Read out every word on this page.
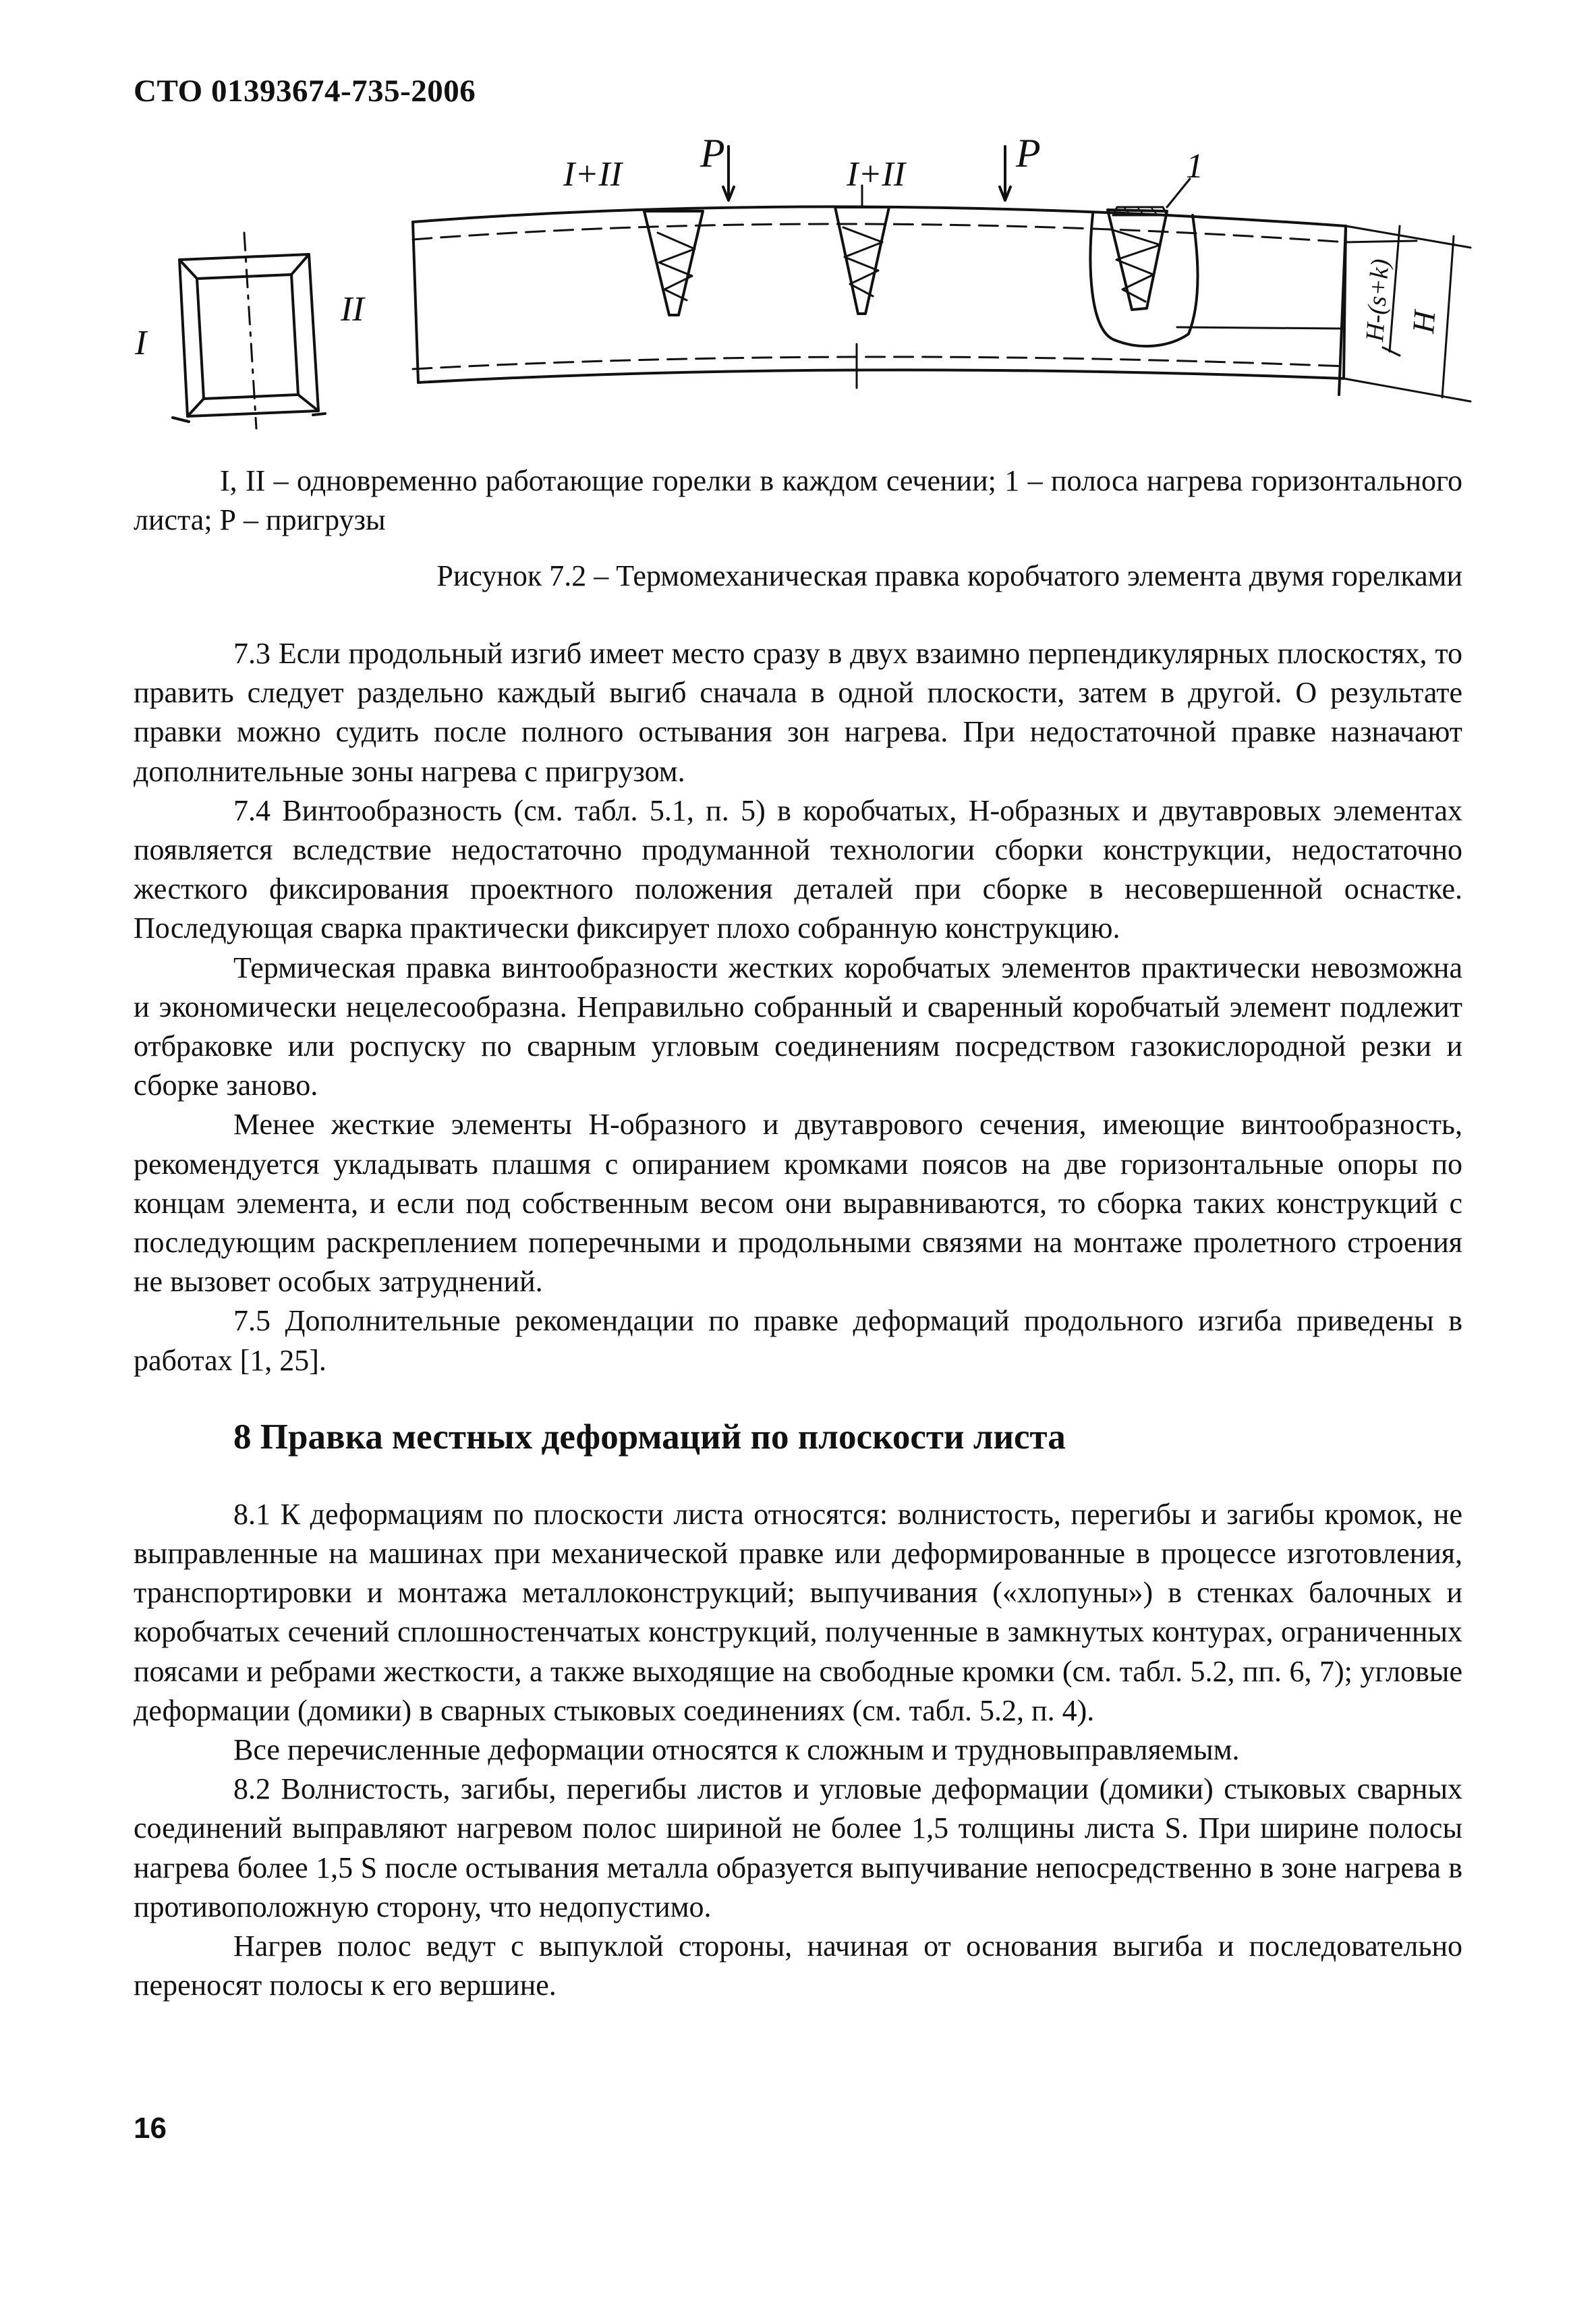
СТО 01393674-735-2006
I
II
I+II	I+II
P	P	1
H-(s+k) H
I, II – одновременно работающие горелки в каждом сечении; 1 – полоса нагрева горизонтального листа; Р – пригрузы
Рисунок 7.2 – Термомеханическая правка коробчатого элемента двумя горелками

7.3 Если продольный изгиб имеет место сразу в двух взаимно перпендикулярных плоскостях, то править следует раздельно каждый выгиб сначала в одной плоскости, затем в другой. О результате правки можно судить после полного остывания зон нагрева. При недостаточной правке назначают дополнительные зоны нагрева с пригрузом.

7.4 Винтообразность (см. табл. 5.1, п. 5) в коробчатых, Н-образных и двутавровых элементах появляется вследствие недостаточно продуманной технологии сборки конструкции, недостаточно жесткого фиксирования проектного положения деталей при сборке в несовершенной оснастке. Последующая сварка практически фиксирует плохо собранную конструкцию.

Термическая правка винтообразности жестких коробчатых элементов практически невозможна и экономически нецелесообразна. Неправильно собранный и сваренный коробчатый элемент подлежит отбраковке или роспуску по сварным угловым соединениям посредством газокислородной резки и сборке заново.

Менее жесткие элементы Н-образного и двутаврового сечения, имеющие винтообразность, рекомендуется укладывать плашмя с опиранием кромками поясов на две горизонтальные опоры по концам элемента, и если под собственным весом они выравниваются, то сборка таких конструкций с последующим раскреплением поперечными и продольными связями на монтаже пролетного строения не вызовет особых затруднений.

7.5 Дополнительные рекомендации по правке деформаций продольного изгиба приведены в работах [1, 25].

8 Правка местных деформаций по плоскости листа

8.1 К деформациям по плоскости листа относятся: волнистость, перегибы и загибы кромок, не выправленные на машинах при механической правке или деформированные в процессе изготовления, транспортировки и монтажа металлоконструкций; выпучивания («хлопуны») в стенках балочных и коробчатых сечений сплошностенчатых конструкций, полученные в замкнутых контурах, ограниченных поясами и ребрами жесткости, а также выходящие на свободные кромки (см. табл. 5.2, пп. 6, 7); угловые деформации (домики) в сварных стыковых соединениях (см. табл. 5.2, п. 4).

Все перечисленные деформации относятся к сложным и трудновыправляемым.

8.2 Волнистость, загибы, перегибы листов и угловые деформации (домики) стыковых сварных соединений выправляют нагревом полос шириной не более 1,5 толщины листа S. При ширине полосы нагрева более 1,5 S после остывания металла образуется выпучивание непосредственно в зоне нагрева в противоположную сторону, что недопустимо.

Нагрев полос ведут с выпуклой стороны, начиная от основания выгиба и последовательно переносят полосы к его вершине.

16
